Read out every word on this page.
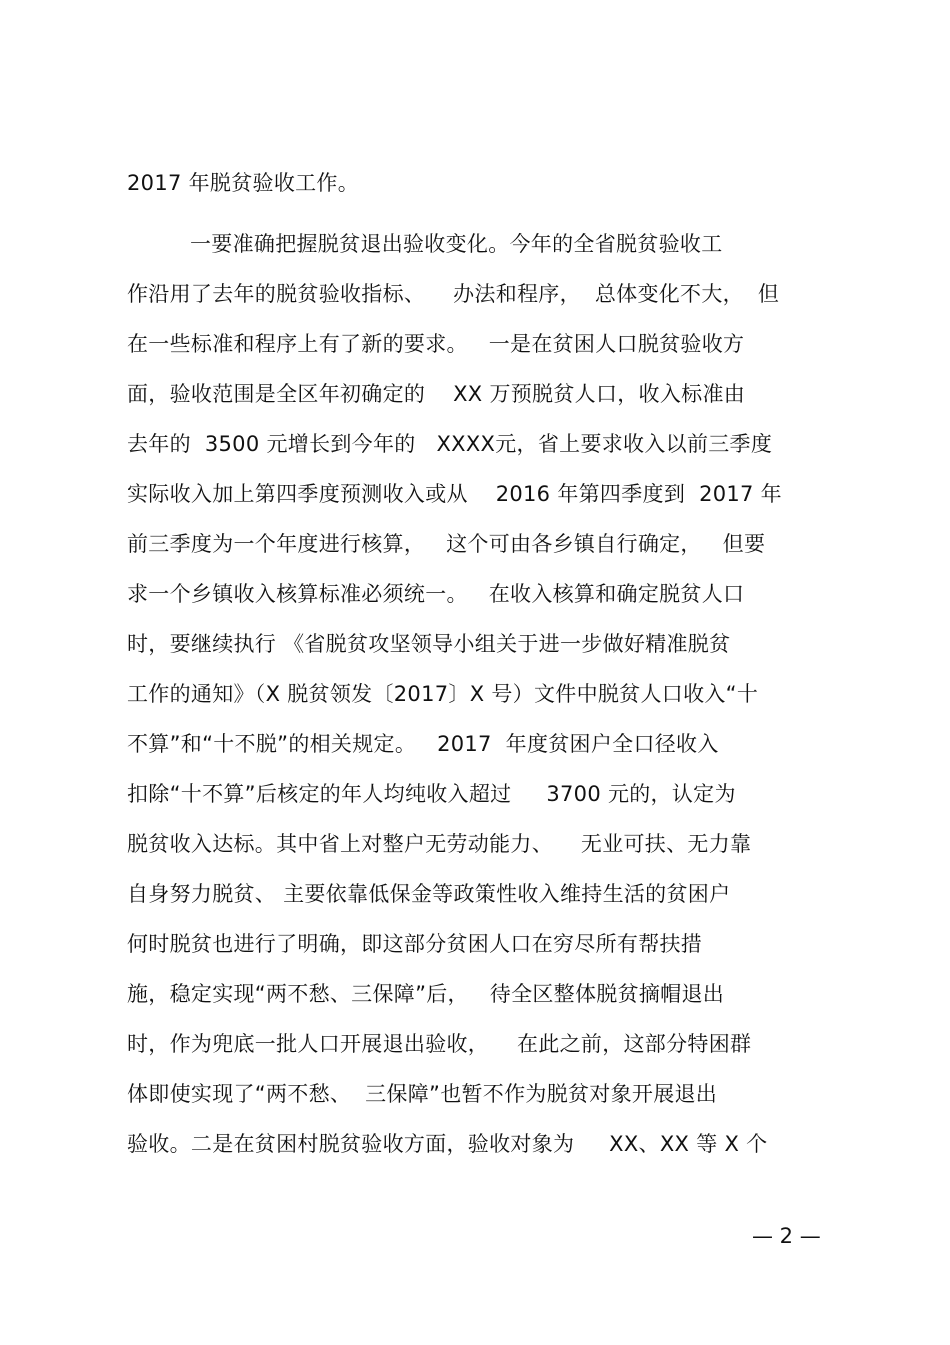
2017 年脱贫验收工作。
一要准确把握脱贫退出验收变化。今年的全省脱贫验收工
作沿用了去年的脱贫验收指标、    办法和程序，  总体变化不大，  但
在一些标准和程序上有了新的要求。   一是在贫困人口脱贫验收方
面，验收范围是全区年初确定的    XX 万预脱贫人口，收入标准由
去年的  3500 元增长到今年的   XXXX元，省上要求收入以前三季度
实际收入加上第四季度预测收入或从    2016 年第四季度到  2017 年
前三季度为一个年度进行核算，   这个可由各乡镇自行确定，   但要
求一个乡镇收入核算标准必须统一。   在收入核算和确定脱贫人口
时，要继续执行 《省脱贫攻坚领导小组关于进一步做好精准脱贫
工作的通知》（X 脱贫领发〔2017〕X 号）文件中脱贫人口收入“十
不算”和“十不脱”的相关规定。   2017  年度贫困户全口径收入
扣除“十不算”后核定的年人均纯收入超过     3700 元的，认定为
脱贫收入达标。其中省上对整户无劳动能力、    无业可扶、无力靠
自身努力脱贫、 主要依靠低保金等政策性收入维持生活的贫困户
何时脱贫也进行了明确，即这部分贫困人口在穷尽所有帮扶措
施，稳定实现“两不愁、三保障”后，   待全区整体脱贫摘帽退出
时，作为兜底一批人口开展退出验收，    在此之前，这部分特困群
体即使实现了“两不愁、  三保障”也暂不作为脱贫对象开展退出
验收。二是在贫困村脱贫验收方面，验收对象为     XX、XX 等 X 个
— 2 —
